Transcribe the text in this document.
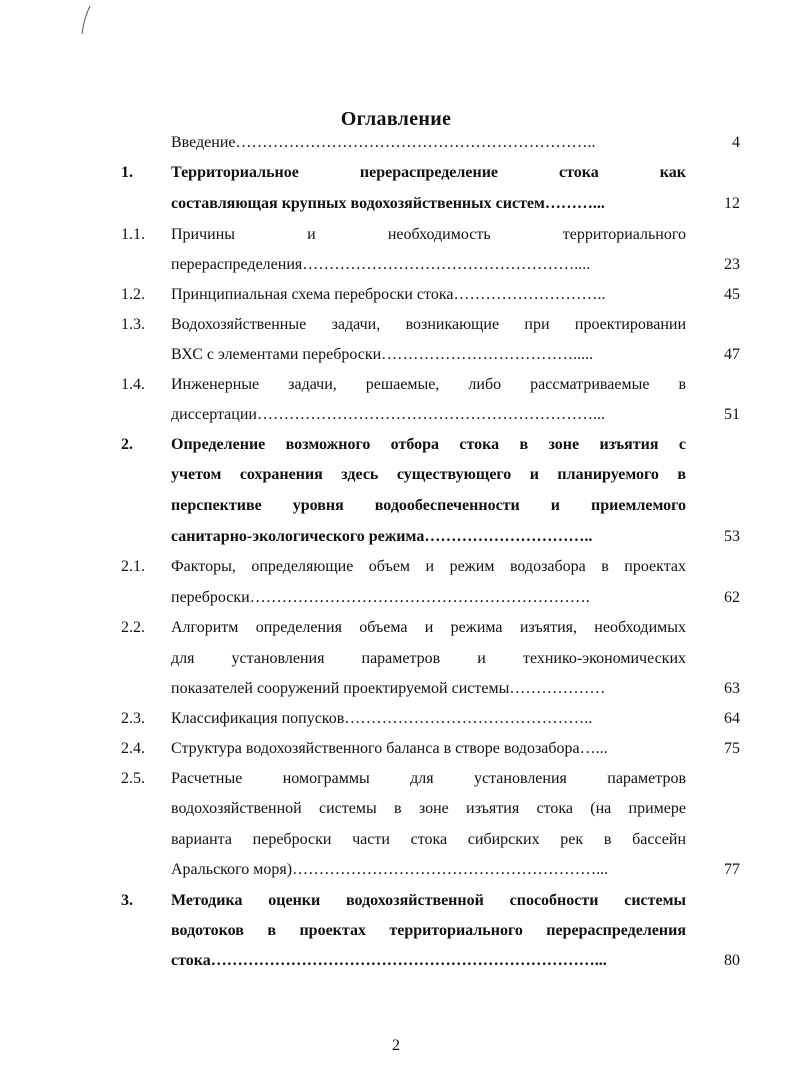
Оглавление
Введение…………………………………………………………..	4
1. Территориальное перераспределение стока как
составляющая крупных водохозяйственных систем………...	12
1.1. Причины и необходимость территориального
перераспределения……………………………………………....	23
1.2. Принципиальная схема переброски стока………………………..	45
1.3. Водохозяйственные задачи, возникающие при проектировании
ВХС с элементами переброски……………………………….....	47
1.4. Инженерные задачи, решаемые, либо рассматриваемые в
диссертации………………………………………………………...	51
2. Определение возможного отбора стока в зоне изъятия с
учетом сохранения здесь существующего и планируемого в
перспективе уровня водообеспеченности и приемлемого
санитарно-экологического режима…………………………..	53
2.1. Факторы, определяющие объем и режим водозабора в проектах
переброски……………………………………………………….	62
2.2. Алгоритм определения объема и режима изъятия, необходимых
для установления параметров и технико-экономических
показателей сооружений проектируемой системы………………	63
2.3. Классификация попусков………………………………………..	64
2.4. Структура водохозяйственного баланса в створе водозабора…...	75
2.5. Расчетные номограммы для установления параметров
водохозяйственной системы в зоне изъятия стока (на примере
варианта переброски части стока сибирских рек в бассейн
Аральского моря)…………………………………………………...	77
3. Методика оценки водохозяйственной способности системы
водотоков в проектах территориального перераспределения
стока………………………………………………………………...	80
2
